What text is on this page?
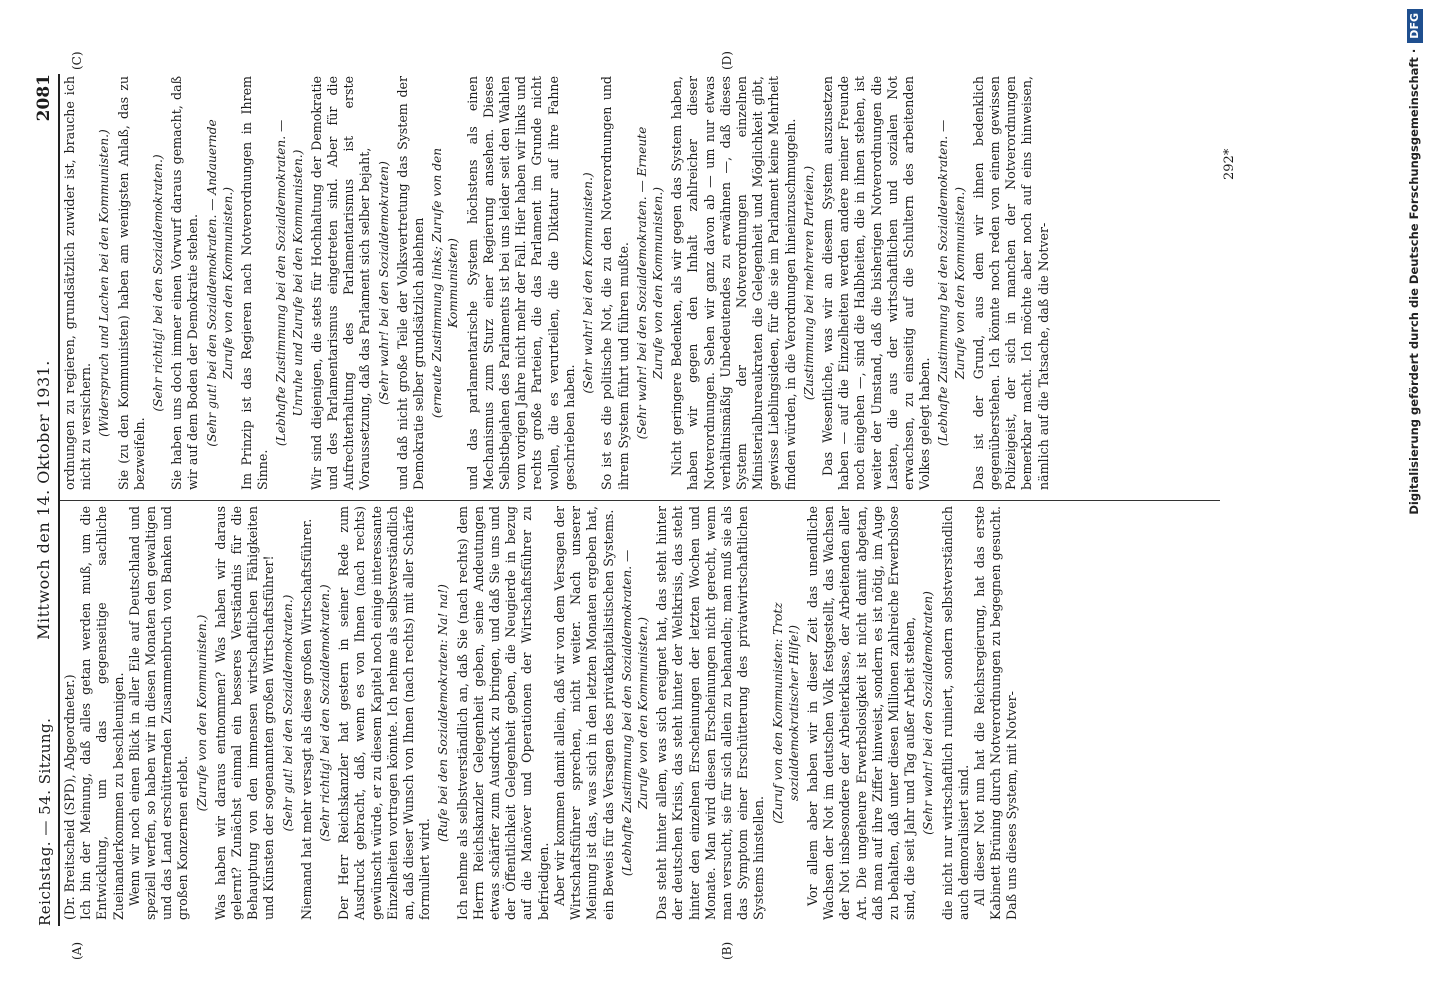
Reichstag. — 54. Sitzung.
Mittwoch den 14. Oktober 1931.
2081
(A)	(B)
(C)	(D)

(Dr. Breitscheid (SPD), Abgeordneter.) Ich bin der Meinung, daß alles getan werden muß, um die Entwicklung, um das gegenseitige sachliche Zueinanderkommen zu beschleunigen. Wenn wir noch einen Blick in aller Eile auf Deutschland und speziell werfen, so haben wir in diesen Monaten den gewaltigen und das Land erschütternden Zusammenbruch von Banken und großen Konzernen erlebt.

(Zurufe von den Kommunisten.) Was haben wir daraus entnommen? Was haben wir daraus gelernt? Zunächst einmal ein besseres Verständnis für die Behauptung von den immensen wirtschaftlichen Fähigkeiten und Künsten der sogenannten großen Wirtschaftsführer! (Sehr gut! bei den Sozialdemokraten.) Niemand hat mehr versagt als diese großen Wirtschaftsführer. (Sehr richtig! bei den Sozialdemokraten.) Der Herr Reichskanzler hat gestern in seiner Rede zum Ausdruck gebracht, daß, wenn es von Ihnen (nach rechts) gewünscht würde, er zu diesem Kapitel noch einige interessante Einzelheiten vortragen könnte. Ich nehme als selbstverständlich an, daß dieser Wunsch von Ihnen (nach rechts) mit aller Schärfe formuliert wird.

(Rufe bei den Sozialdemokraten: Na! na!) Ich nehme als selbstverständlich an, daß Sie (nach rechts) dem Herrn Reichskanzler Gelegenheit geben, seine Andeutungen etwas schärfer zum Ausdruck zu bringen, und daß Sie uns und der Öffentlichkeit Gelegenheit geben, die Neugierde in bezug auf die Manöver und Operationen der Wirtschaftsführer zu befriedigen. Aber wir kommen damit allein, daß wir von dem Versagen der Wirtschaftsführer sprechen, nicht weiter. Nach unserer Meinung ist das, was sich in den letzten Monaten ergeben hat, ein Beweis für das Versagen des privatkapitalistischen Systems. (Lebhafte Zustimmung bei den Sozialdemokraten. — Zurufe von den Kommunisten.) Das steht hinter allem, was sich ereignet hat, das steht hinter der deutschen Krisis, das steht hinter der Weltkrisis, das steht hinter den einzelnen Erscheinungen der letzten Wochen und Monate. Man wird diesen Erscheinungen nicht gerecht, wenn man versucht, sie für sich allein zu behandeln; man muß sie als das Symptom einer Erschütterung des privatwirtschaftlichen Systems hinstellen.

(Zuruf von den Kommunisten: Trotz sozialdemokratischer Hilfe!) Vor allem aber haben wir in dieser Zeit das unendliche Wachsen der Not im deutschen Volk festgestellt, das Wachsen der Not insbesondere der Arbeiterklasse, der Arbeitenden aller Art. Die ungeheure Erwerbslosigkeit ist nicht damit abgetan, daß man auf ihre Ziffer hinweist, sondern es ist nötig, im Auge zu behalten, daß unter diesen Millionen zahlreiche Erwerbslose sind, die seit Jahr und Tag außer Arbeit stehen, (Sehr wahr! bei den Sozialdemokraten) die nicht nur wirtschaftlich ruiniert, sondern selbstverständlich auch demoralisiert sind. All dieser Not nun hat die Reichsregierung, hat das erste Kabinett Brüning durch Notverordnungen zu begegnen gesucht. Daß uns dieses System, mit Notver-

ordnungen zu regieren, grundsätzlich zuwider ist, brauche ich nicht zu versichern. (Widerspruch und Lachen bei den Kommunisten.) Sie (zu den Kommunisten) haben am wenigsten Anlaß, das zu bezweifeln.

(Sehr richtig! bei den Sozialdemokraten.) Sie haben uns doch immer einen Vorwurf daraus gemacht, daß wir auf dem Boden der Demokratie stehen. (Sehr gut! bei den Sozialdemokraten. — Andauernde Zurufe von den Kommunisten.) Im Prinzip ist das Regieren nach Notverordnungen in Ihrem Sinne.

(Lebhafte Zustimmung bei den Sozialdemokraten. — Unruhe und Zurufe bei den Kommunisten.) Wir sind diejenigen, die stets für Hochhaltung der Demokratie und des Parlamentarismus eingetreten sind. Aber für die Aufrechterhaltung des Parlamentarismus ist erste Voraussetzung, daß das Parlament sich selber bejaht, (Sehr wahr! bei den Sozialdemokraten) und daß nicht große Teile der Volksvertretung das System der Demokratie selber grundsätzlich ablehnen (erneute Zustimmung links; Zurufe von den Kommunisten) und das parlamentarische System höchstens als einen Mechanismus zum Sturz einer Regierung ansehen. Dieses Selbstbejahen des Parlaments ist bei uns leider seit den Wahlen vom vorigen Jahre nicht mehr der Fall. Hier haben wir links und rechts große Parteien, die das Parlament im Grunde nicht wollen, die es verurteilen, die die Diktatur auf ihre Fahne geschrieben haben.

(Sehr wahr! bei den Kommunisten.) So ist es die politische Not, die zu den Notverordnungen und ihrem System führt und führen mußte. (Sehr wahr! bei den Sozialdemokraten. — Erneute Zurufe von den Kommunisten.) Nicht geringere Bedenken, als wir gegen das System haben, haben wir gegen den Inhalt zahlreicher dieser Notverordnungen. Sehen wir ganz davon ab — um nur etwas verhältnismäßig Unbedeutendes zu erwähnen —, daß dieses System der Notverordnungen einzelnen Ministerialbureaukraten die Gelegenheit und Möglichkeit gibt, gewisse Lieblingsideen, für die sie im Parlament keine Mehrheit finden würden, in die Verordnungen hineinzuschmuggeln. (Zustimmung bei mehreren Parteien.) Das Wesentliche, was wir an diesem System auszusetzen haben — auf die Einzelheiten werden andere meiner Freunde noch eingehen —, sind die Halbheiten, die in ihnen stehen, ist weiter der Umstand, daß die bisherigen Notverordnungen die Lasten, die aus der wirtschaftlichen und sozialen Not erwachsen, zu einseitig auf die Schultern des arbeitenden Volkes gelegt haben. (Lebhafte Zustimmung bei den Sozialdemokraten. — Zurufe von den Kommunisten.) Das ist der Grund, aus dem wir ihnen bedenklich gegenüberstehen. Ich könnte noch reden von einem gewissen Polizeigeist, der sich in manchen der Notverordnungen bemerkbar macht. Ich möchte aber noch auf eins hinweisen, nämlich auf die Tatsache, daß die Notver-

292*	Digitalisierung gefördert durch die Deutsche Forschungsgemeinschaft ·DFG
